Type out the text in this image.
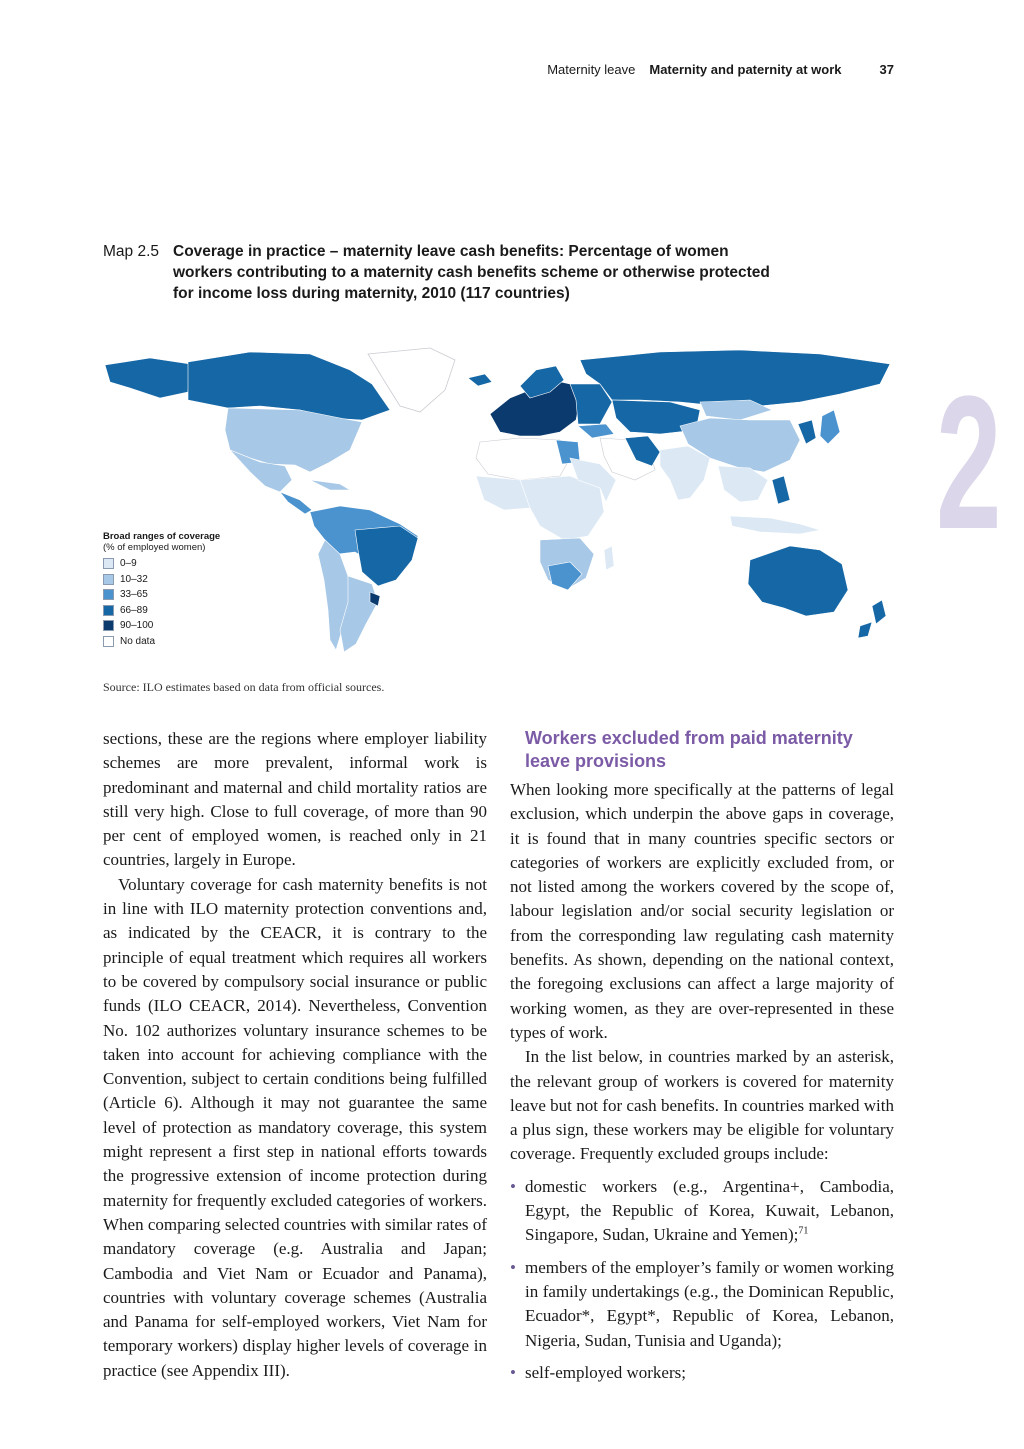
Maternity leave Maternity and paternity at work	37
2
Map 2.5 Coverage in practice – maternity leave cash benefits: Percentage of women workers contributing to a maternity cash benefits scheme or otherwise protected for income loss during maternity, 2010 (117 countries)
Broad ranges of coverage
(% of employed women)
0–9
10–32
33–65
66–89
90–100
No data
Source: ILO estimates based on data from official sources.

sections, these are the regions where employer liability schemes are more prevalent, informal work is predominant and maternal and child mortality ratios are still very high. Close to full coverage, of more than 90 per cent of employed women, is reached only in 21 countries, largely in Europe.

Voluntary coverage for cash maternity benefits is not in line with ILO maternity protection conventions and, as indicated by the CEACR, it is contrary to the principle of equal treatment which requires all workers to be covered by compulsory social insurance or public funds (ILO CEACR, 2014). Nevertheless, Convention No. 102 authorizes voluntary insurance schemes to be taken into account for achieving compliance with the Convention, subject to certain conditions being fulfilled (Article 6). Although it may not guarantee the same level of protection as mandatory coverage, this system might represent a first step in national efforts towards the progressive extension of income protection during maternity for frequently excluded categories of workers. When comparing selected countries with similar rates of mandatory coverage (e.g. Australia and Japan; Cambodia and Viet Nam or Ecuador and Panama), countries with voluntary coverage schemes (Australia and Panama for self-employed workers, Viet Nam for temporary workers) display higher levels of coverage in practice (see Appendix III).

Workers excluded from paid maternity leave provisions

When looking more specifically at the patterns of legal exclusion, which underpin the above gaps in coverage, it is found that in many countries specific sectors or categories of workers are explicitly excluded from, or not listed among the workers covered by the scope of, labour legislation and/or social security legislation or from the corresponding law regulating cash maternity benefits. As shown, depending on the national context, the foregoing exclusions can affect a large majority of working women, as they are over-represented in these types of work.

In the list below, in countries marked by an asterisk, the relevant group of workers is covered for maternity leave but not for cash benefits. In countries marked with a plus sign, these workers may be eligible for voluntary coverage. Frequently excluded groups include:

• domestic workers (e.g., Argentina+, Cambodia, Egypt, the Republic of Korea, Kuwait, Lebanon, Singapore, Sudan, Ukraine and Yemen);$^{71}$
• members of the employer’s family or women working in family undertakings (e.g., the Dominican Republic, Ecuador*, Egypt*, Republic of Korea, Lebanon, Nigeria, Sudan, Tunisia and Uganda);
• self-employed workers;
